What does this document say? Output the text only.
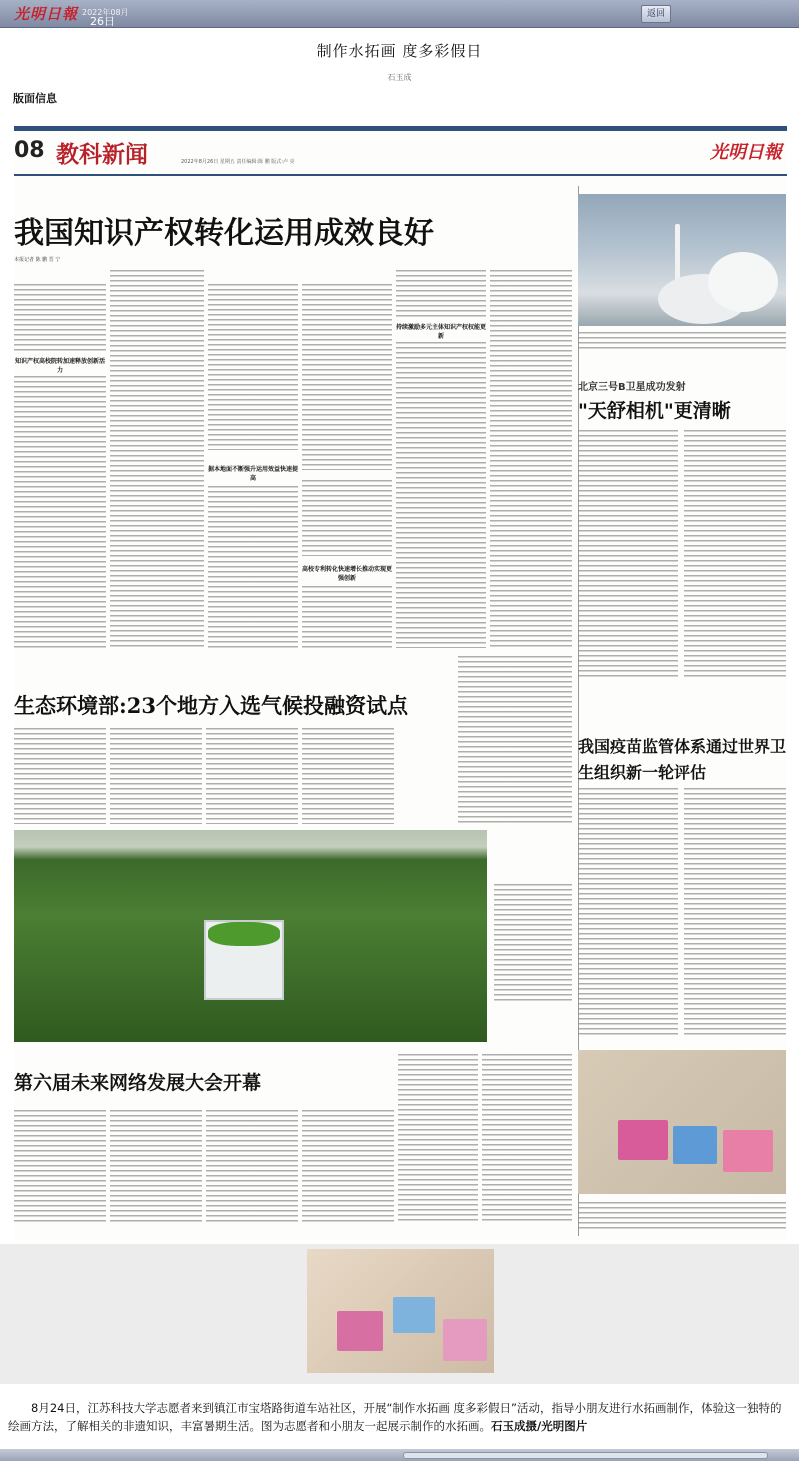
光明日報 2022年08月
26日
返回
制作水拓画 度多彩假日
石玉成
版面信息
08 教科新闻	2022年8月26日 星期五 责任编辑:陈 鹏 版式:卢 亮	光明日報
我国知识产权转化运用成效良好
本报记者 陈 鹏 晋 宁
知识产权高校院转加速释放创新活力
据本地面不断强升运用效益快速提高
高校专利转化快速增长推动实现更强创新
持续激励多元主体知识产权权能更新
北京三号B卫星成功发射
"天舒相机"更清晰
生态环境部:23个地方入选气候投融资试点
我国疫苗监管体系通过世界卫生组织新一轮评估
第六届未来网络发展大会开幕
8月24日，江苏科技大学志愿者来到镇江市宝塔路街道车站社区，开展“制作水拓画 度多彩假日”活动，指导小朋友进行水拓画制作，体验这一独特的绘画方法，了解相关的非遗知识，丰富暑期生活。图为志愿者和小朋友一起展示制作的水拓画。石玉成摄/光明图片
